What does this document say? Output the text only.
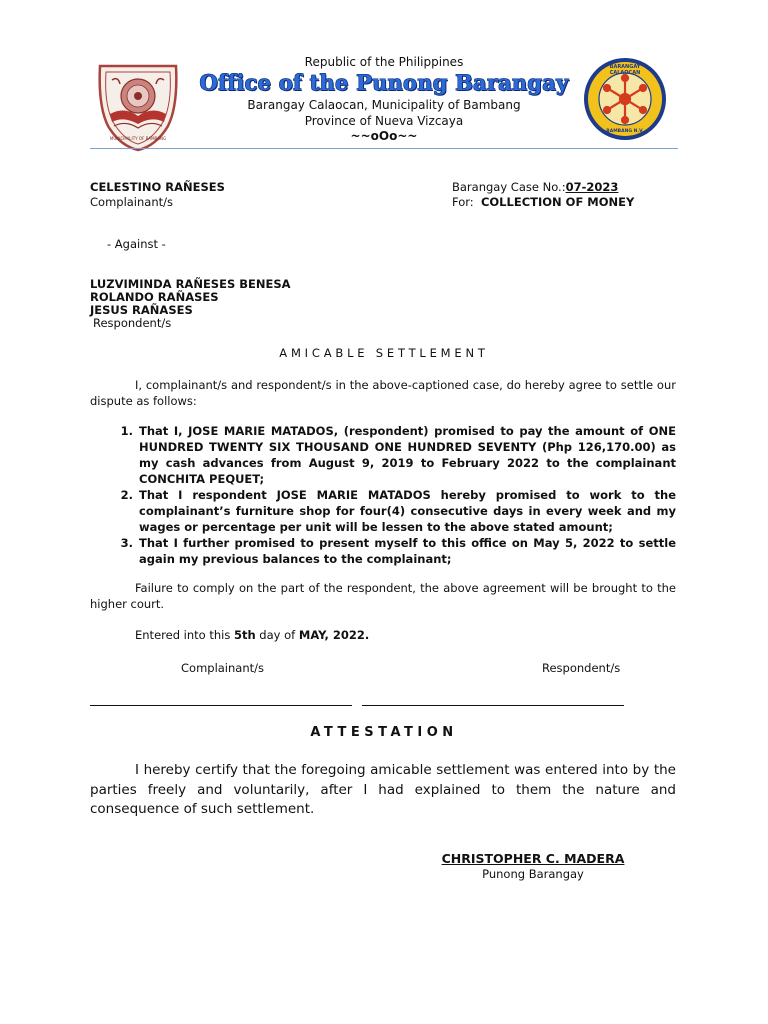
MUNICIPALITY OF BAMBANG
BARANGAY CALAOCAN
BAMBANG N.V.
Republic of the Philippines
Office of the Punong Barangay
Barangay Calaocan, Municipality of Bambang
Province of Nueva Vizcaya
~~oOo~~
CELESTINO RAÑESES
Complainant/s
Barangay Case No.:07-2023
For: COLLECTION OF MONEY
- Against -
LUZVIMINDA RAÑESES BENESA
ROLANDO RAÑASES
JESUS RAÑASES
Respondent/s
AMICABLE SETTLEMENT
I, complainant/s and respondent/s in the above-captioned case, do hereby agree to settle our dispute as follows:
1. That I, JOSE MARIE MATADOS, (respondent) promised to pay the amount of ONE HUNDRED TWENTY SIX THOUSAND ONE HUNDRED SEVENTY (Php 126,170.00) as my cash advances from August 9, 2019 to February 2022 to the complainant CONCHITA PEQUET;
2. That I respondent JOSE MARIE MATADOS hereby promised to work to the complainant’s furniture shop for four(4) consecutive days in every week and my wages or percentage per unit will be lessen to the above stated amount;
3. That I further promised to present myself to this office on May 5, 2022 to settle again my previous balances to the complainant;
Failure to comply on the part of the respondent, the above agreement will be brought to the higher court.
Entered into this 5th day of MAY, 2022.
Complainant/s	Respondent/s
ATTESTATION
I hereby certify that the foregoing amicable settlement was entered into by the parties freely and voluntarily, after I had explained to them the nature and consequence of such settlement.
CHRISTOPHER C. MADERA
Punong Barangay
